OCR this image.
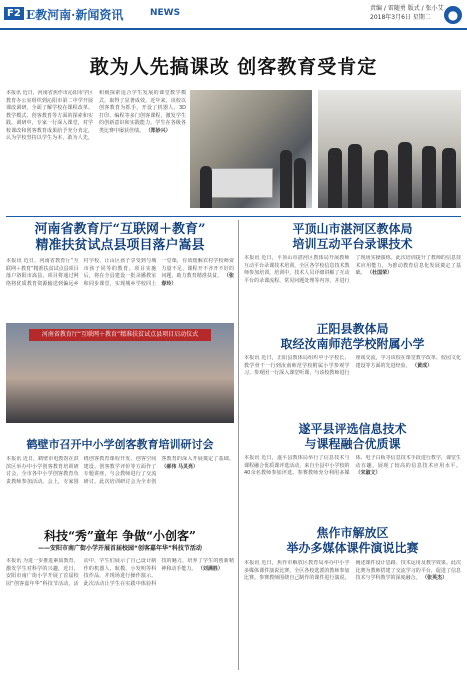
F2 E教河南·新闻资讯	NEWS	责编 / 雷随勇 版式 / 张小艾
2018年3月6日 星期二	●
敢为人先搞课改 创客教育受肯定
本报讯 近日，河南省焦作市沁阳市学区教育办公室组织到沁阳市第二中学开展课改调研，全面了解学校在课程改革、教学模式、创客教育等方面的探索和实践。调研中，专家一行深入课堂，对学校课改和创客教育成果给予充分肯定，认为学校坚持以学生为本，敢为人先，积极探索适合学生发展的课堂教学模式，取得了显著成效。近年来，该校以创客教育为抓手，开设了机器人、3D打印、编程等多门创客课程，激发学生的创新意识和实践能力，学生在各级各类比赛中屡获佳绩。 （郑妙兴）
河南省教育厅“互联网＋教育”
精准扶贫试点县项目落户嵩县
本报讯 近日，河南省教育厅“互联网＋教育”精准扶贫试点县项目落户洛阳市嵩县，项目将通过网络将优质教育资源输送到偏远乡村学校，让山区孩子享受到与城市孩子同等的教育。项目实施后，将在全县建设一批录播教室和同步课堂，实现城乡学校同上一堂课，有效缓解农村学校师资力量不足、课程开不齐开不好的问题，助力教育精准扶贫。 （张春玲）
河南省教育厅“互联网＋教育”精准扶贫试点县项目启动仪式
鹤壁市召开中小学创客教育培训研讨会
本报讯 近日，鹤壁市电教馆在淇滨区举办中小学创客教育培训研讨会，全市各中小学创客教育负责教师参加活动。会上，专家围绕创客教育课程开发、创客空间建设、创客教学评价等方面作了专题讲座，与会教师进行了交流研讨。此次培训研讨会为全市创客教育的深入开展奠定了基础。 （郝伟 马灵亮）
科技“秀”童年 争做“小创客”
——安阳市南广街小学开展首届校园“创客嘉年华”科技节活动
本报讯 为进一步推进素质教育，激发学生对科学的兴趣，近日，安阳市南广街小学开展了首届校园“创客嘉年华”科技节活动。活动中，学生们展示了自己设计制作的机器人、航模、小发明等科技作品，并现场进行操作演示。此次活动让学生在实践中体验科技的魅力，培养了学生的创新精神和动手能力。 （刘满胜）
平顶山市湛河区教体局
培训互动平台录课技术
本报讯 近日，平顶山市湛河区教体局开展教师互动平台录课技术培训，全区各学校信息技术教师参加培训。培训中，技术人员详细讲解了互动平台的录课流程、常见问题处理等内容，并进行了现场实操演练。此次培训提升了教师的信息技术应用能力，为推动教育信息化发展奠定了基础。 （杜国荣）
正阳县教体局
取经汝南师范学校附属小学
本报讯 近日，正阳县教体局组织中小学校长、教学骨干一行到汝南师范学校附属小学参观学习。参观团一行深入课堂听课，与该校教师进行座谈交流，学习该校在课堂教学改革、校园文化建设等方面的先进经验。 （黄成）
遂平县评选信息技术
与课程融合优质课
本报讯 近日，遂平县教体局举行了信息技术与课程融合优质课评选活动，来自全县中小学校的40余名教师参加评选。参赛教师充分利用多媒体、电子白板等信息技术手段进行教学，课堂生动有趣，展现了较高的信息技术应用水平。 （宋淑文）
焦作市解放区
举办多媒体课件演说比赛
本报讯 近日，焦作市解放区教育局举办中小学多媒体课件演说比赛，全区各校选派的教师参加比赛。参赛教师围绕自己制作的课件进行演说，阐述课件设计思路、技术运用及教学效果。此次比赛为教师搭建了交流学习的平台，促进了信息技术与学科教学的深度融合。 （张英杰）
